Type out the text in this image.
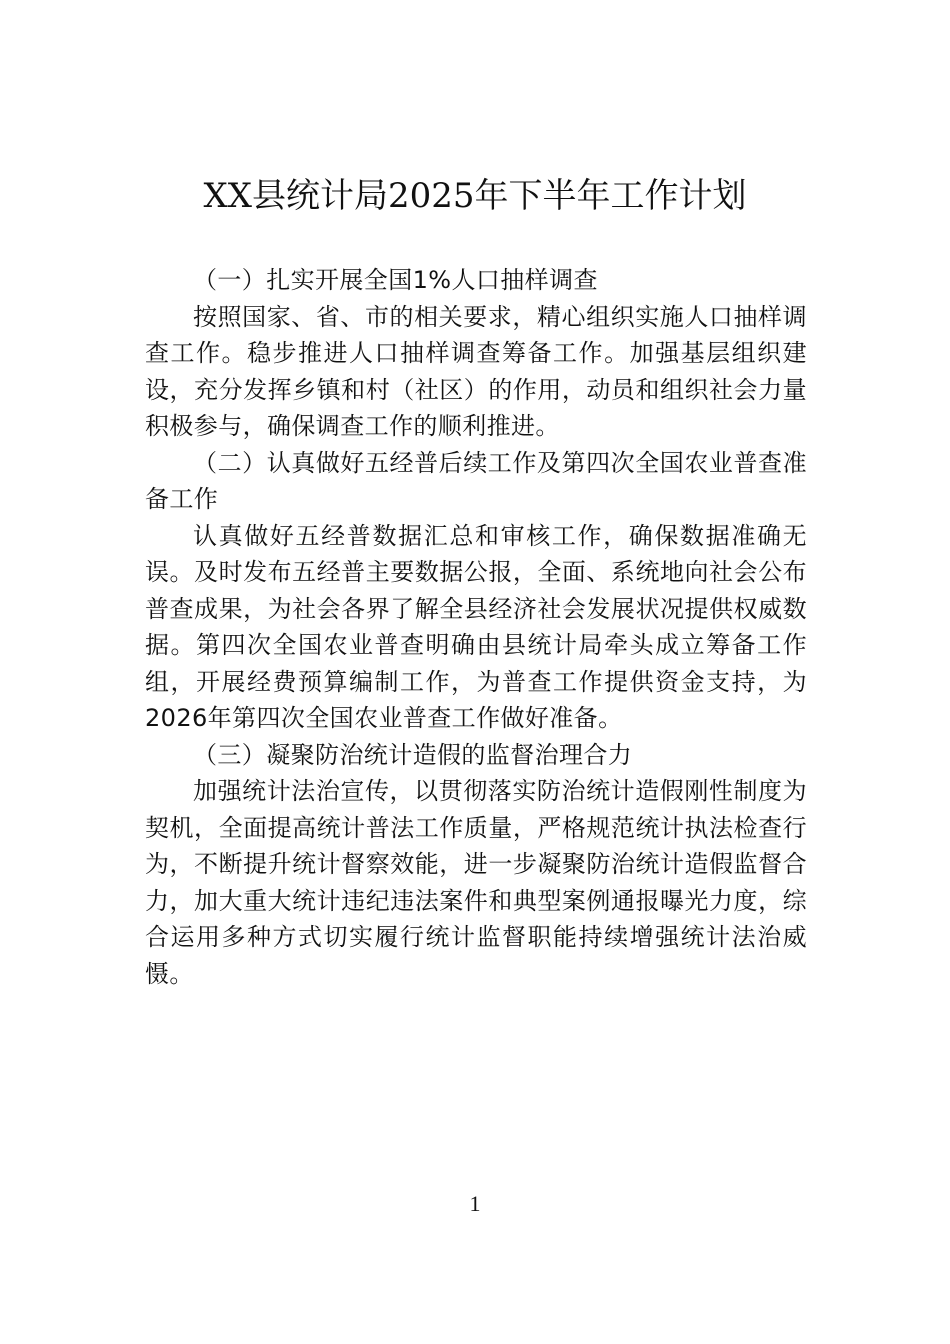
XX县统计局2025年下半年工作计划

（一）扎实开展全国1%人口抽样调查

按照国家、省、市的相关要求，精心组织实施人口抽样调查工作。稳步推进人口抽样调查筹备工作。加强基层组织建设，充分发挥乡镇和村（社区）的作用，动员和组织社会力量积极参与，确保调查工作的顺利推进。

（二）认真做好五经普后续工作及第四次全国农业普查准备工作

认真做好五经普数据汇总和审核工作，确保数据准确无误。及时发布五经普主要数据公报，全面、系统地向社会公布普查成果，为社会各界了解全县经济社会发展状况提供权威数据。第四次全国农业普查明确由县统计局牵头成立筹备工作组，开展经费预算编制工作，为普查工作提供资金支持，为2026年第四次全国农业普查工作做好准备。

（三）凝聚防治统计造假的监督治理合力

加强统计法治宣传，以贯彻落实防治统计造假刚性制度为契机，全面提高统计普法工作质量，严格规范统计执法检查行为，不断提升统计督察效能，进一步凝聚防治统计造假监督合力，加大重大统计违纪违法案件和典型案例通报曝光力度，综合运用多种方式切实履行统计监督职能持续增强统计法治威慑。

1
